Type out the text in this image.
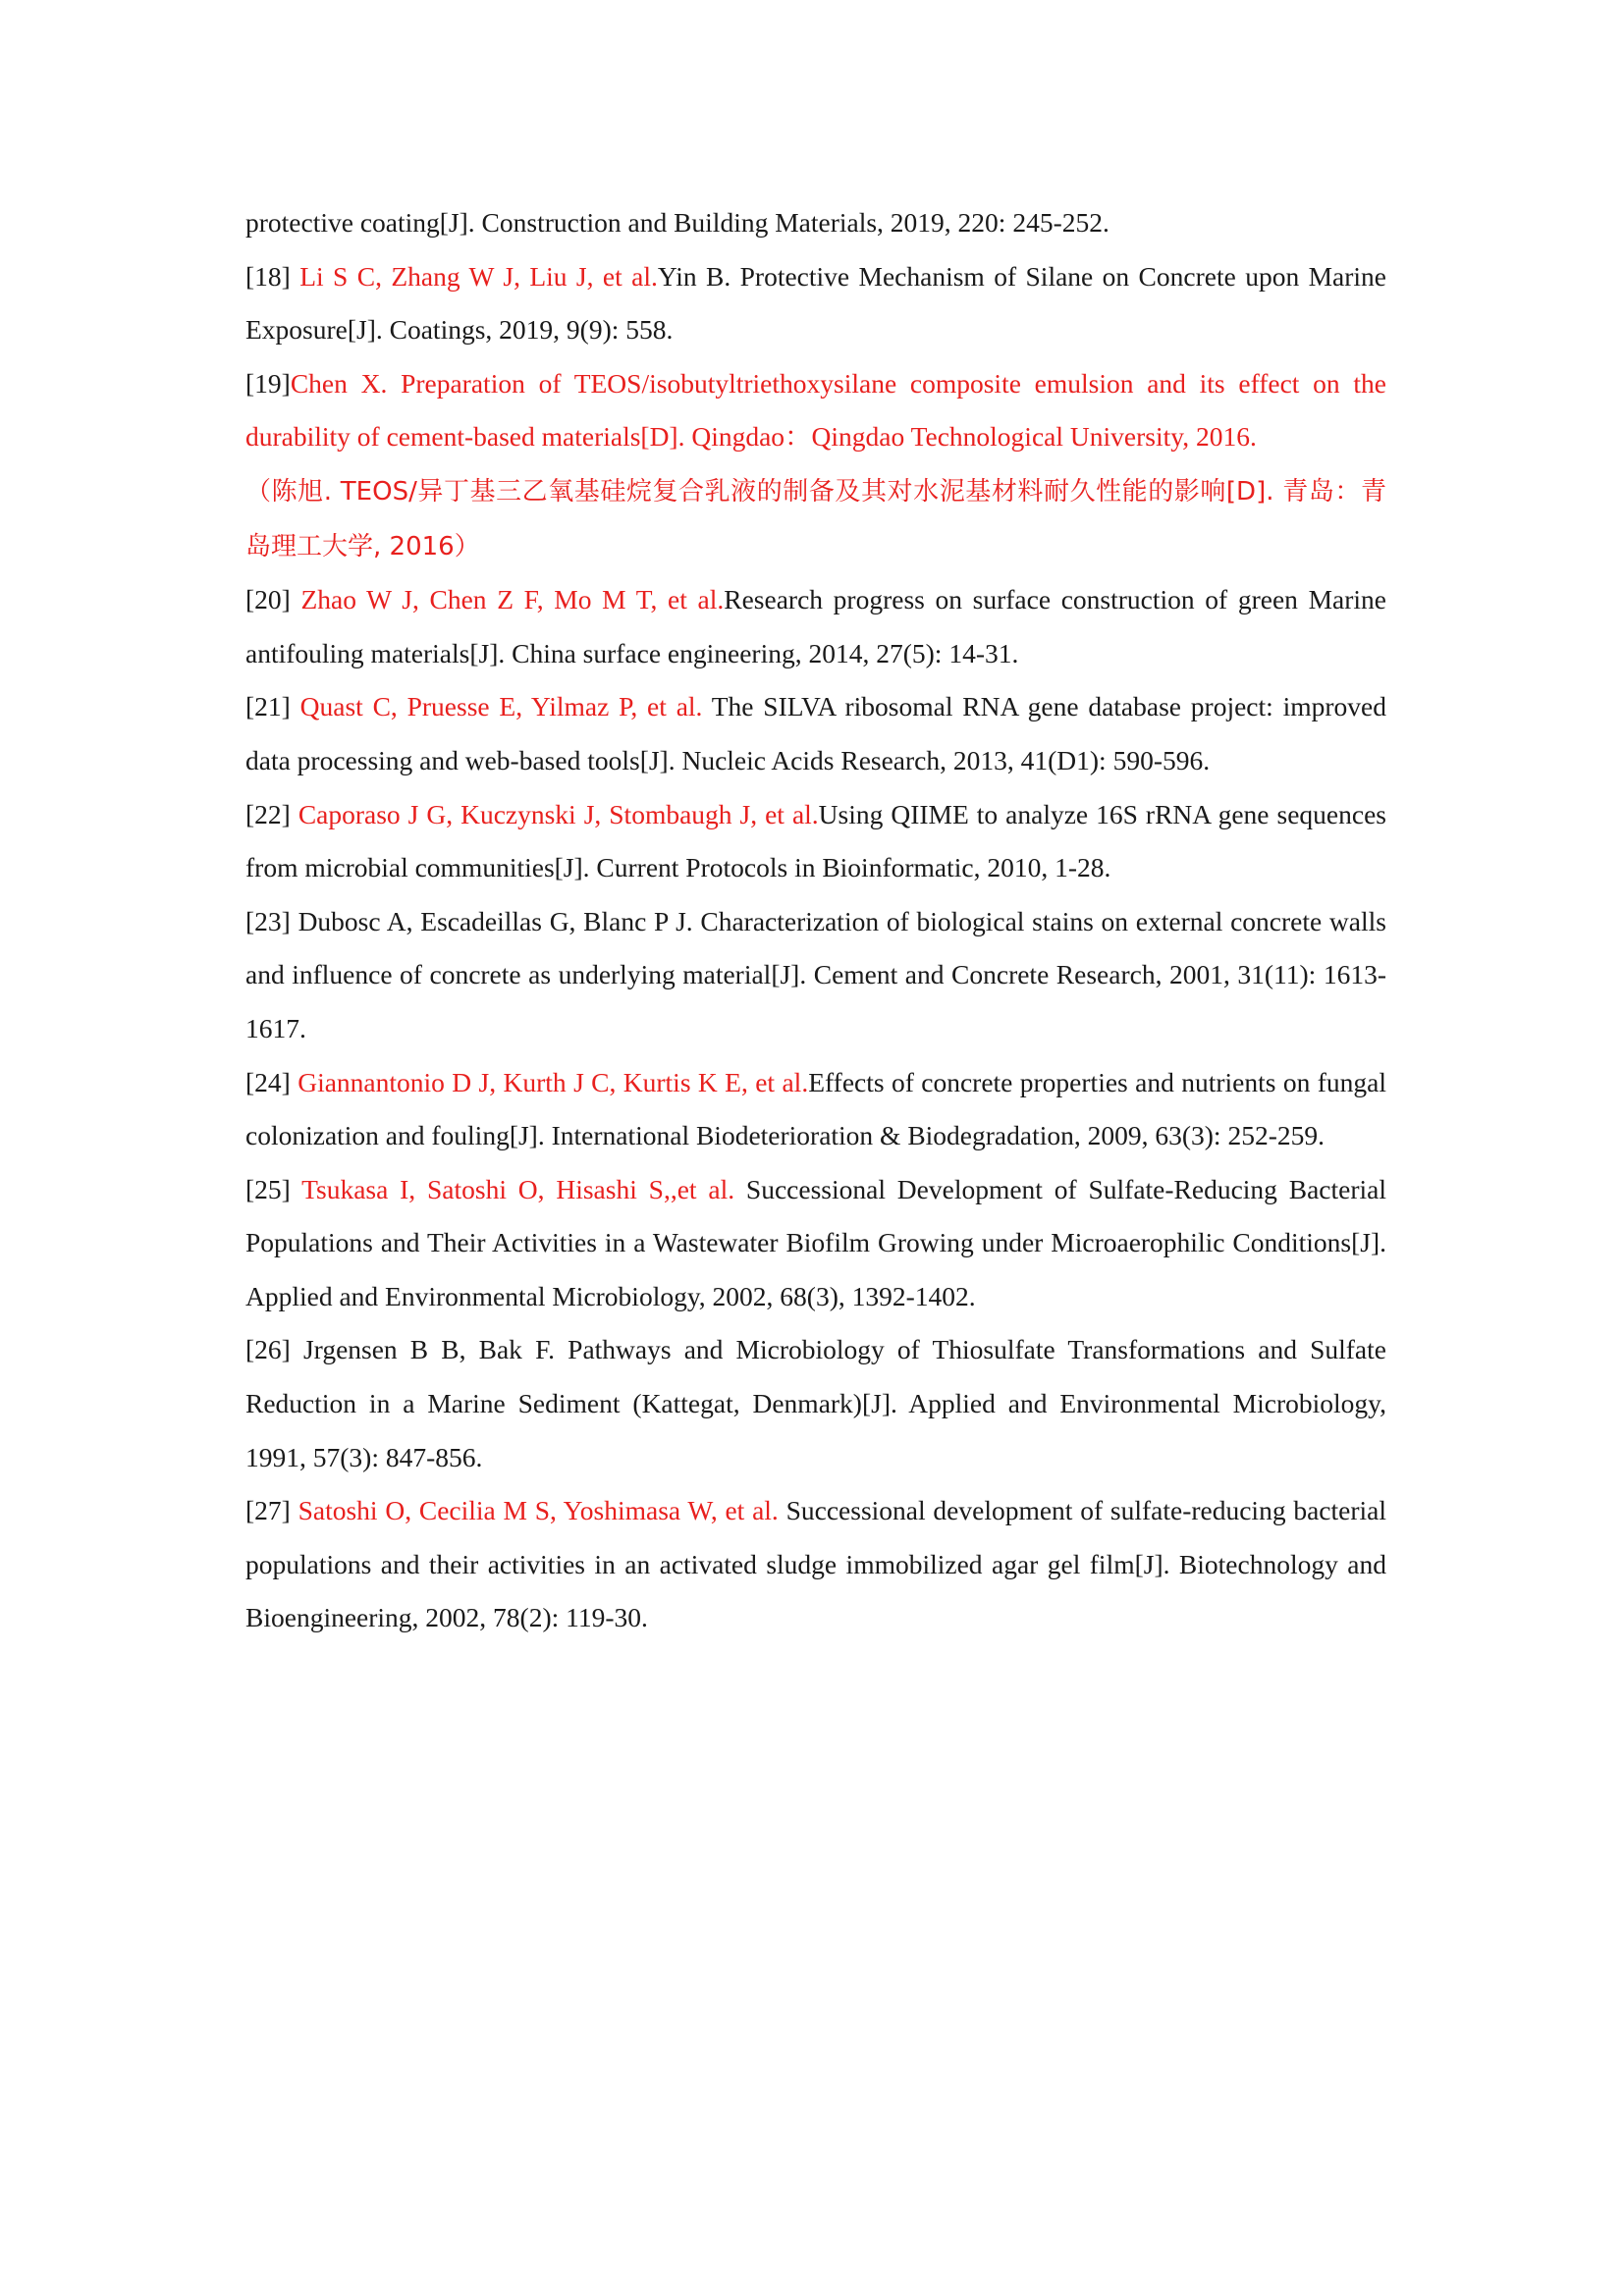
protective coating[J]. Construction and Building Materials, 2019, 220: 245-252.

[18] Li S C, Zhang W J, Liu J, et al.Yin B. Protective Mechanism of Silane on Concrete upon Marine Exposure[J]. Coatings, 2019, 9(9): 558.

[19]Chen X. Preparation of TEOS/isobutyltriethoxysilane composite emulsion and its effect on the durability of cement-based materials[D]. Qingdao：Qingdao Technological University, 2016.
（陈旭. TEOS/异丁基三乙氧基硅烷复合乳液的制备及其对水泥基材料耐久性能的影响[D]. 青岛：青岛理工大学, 2016）

[20] Zhao W J, Chen Z F, Mo M T, et al.Research progress on surface construction of green Marine antifouling materials[J]. China surface engineering, 2014, 27(5): 14-31.

[21] Quast C, Pruesse E, Yilmaz P, et al. The SILVA ribosomal RNA gene database project: improved data processing and web-based tools[J]. Nucleic Acids Research, 2013, 41(D1): 590-596.

[22] Caporaso J G, Kuczynski J, Stombaugh J, et al.Using QIIME to analyze 16S rRNA gene sequences from microbial communities[J]. Current Protocols in Bioinformatic, 2010, 1-28.

[23] Dubosc A, Escadeillas G, Blanc P J. Characterization of biological stains on external concrete walls and influence of concrete as underlying material[J]. Cement and Concrete Research, 2001, 31(11): 1613-1617.

[24] Giannantonio D J, Kurth J C, Kurtis K E, et al.Effects of concrete properties and nutrients on fungal colonization and fouling[J]. International Biodeterioration & Biodegradation, 2009, 63(3): 252-259.

[25] Tsukasa I, Satoshi O, Hisashi S,,et al. Successional Development of Sulfate-Reducing Bacterial Populations and Their Activities in a Wastewater Biofilm Growing under Microaerophilic Conditions[J]. Applied and Environmental Microbiology, 2002, 68(3), 1392-1402.

[26] Jrgensen B B, Bak F. Pathways and Microbiology of Thiosulfate Transformations and Sulfate Reduction in a Marine Sediment (Kattegat, Denmark)[J]. Applied and Environmental Microbiology, 1991, 57(3): 847-856.

[27] Satoshi O, Cecilia M S, Yoshimasa W, et al. Successional development of sulfate-reducing bacterial populations and their activities in an activated sludge immobilized agar gel film[J]. Biotechnology and Bioengineering, 2002, 78(2): 119-30.
